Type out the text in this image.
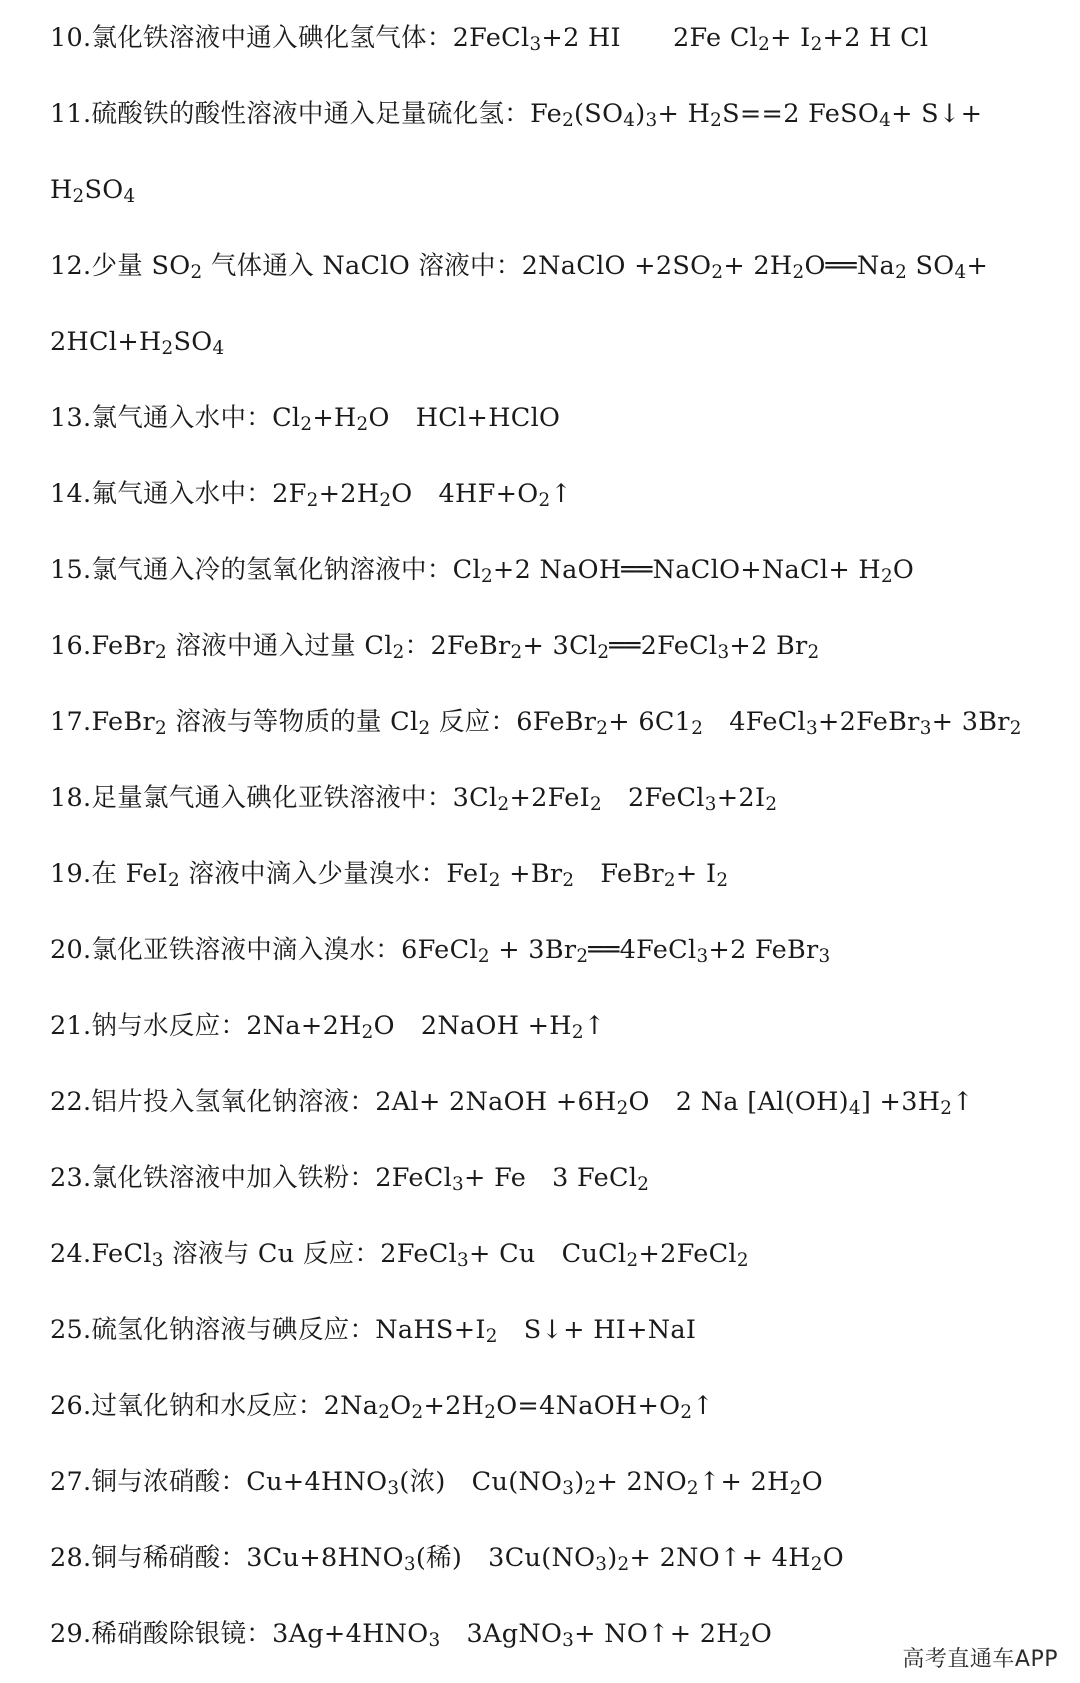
10.氯化铁溶液中通入碘化氢气体：2FeCl$_3$+2 HI 2Fe $Cl_2+ I_2+2$ H Cl
11.硫酸铁的酸性溶液中通入足量硫化氢：$Fe_2(SO_4)_3+ H_2S==2$ FeSO$_4$+ S↓+
$H_2SO_4$
12.少量 $SO_2$ 气体通入 NaClO 溶液中：2NaClO $+2SO_2+$ $2H_2O══Na_2$ $SO_4+$
$2HCl+H_2SO_4$
13.氯气通入水中：$Cl_2+H_2O$ HCl+HClO
14.氟气通入水中：$2F_2+2H_2O$ $4HF+O_2↑$
15.氯气通入冷的氢氧化钠溶液中：$Cl_2+2$ NaOH══NaClO+NaCl+ $H_2O$
16.FeBr$_2$ 溶液中通入过量 $Cl_2$：2FeBr$_2$+ $3Cl_2══2FeCl_3+2$ $Br_2$
17.FeBr$_2$ 溶液与等物质的量 $Cl_2$ 反应：6FeBr$_2$+ $6C1_2$ 4FeCl$_3$+2FeBr$_3$+ $3Br_2$
18.足量氯气通入碘化亚铁溶液中：$3Cl_2+2FeI_2$ $2FeCl_3+2I_2$
19.在 FeI$_2$ 溶液中滴入少量溴水：$FeI_2 +Br_2$ FeBr$_2$+ $I_2$
20.氯化亚铁溶液中滴入溴水：6FeCl$_2$ + $3Br_2══4FeCl_3+2$ FeBr$_3$
21.钠与水反应：$2Na+2H_2O$ 2NaOH $+H_2↑$
22.铝片投入氢氧化钠溶液：2Al+ 2NaOH $+6H_2O$ 2 Na $[Al(OH)_4]$ $+3H_2↑$
23.氯化铁溶液中加入铁粉：2FeCl$_3$+ Fe 3 FeCl$_2$
24.FeCl$_3$ 溶液与 Cu 反应：2FeCl$_3$+ Cu CuCl$_2$+2FeCl$_2$
25.硫氢化钠溶液与碘反应：$NaHS+I_2$ S↓+ HI+NaI
26.过氧化钠和水反应：$2Na_2O_2+2H_2O=4NaOH+O_2↑$
27.铜与浓硝酸：$Cu+4HNO_3$(浓) $Cu(NO_3)_2+$ $2NO_2↑+ 2H_2O$
28.铜与稀硝酸：$3Cu+8HNO_3$(稀) $3Cu(NO_3)_2+$ 2NO↑+ $4H_2O$
29.稀硝酸除银镜：$3Ag+4HNO_3$ 3AgNO$_3$+ NO↑+ $2H_2O$
高考直通车APP
